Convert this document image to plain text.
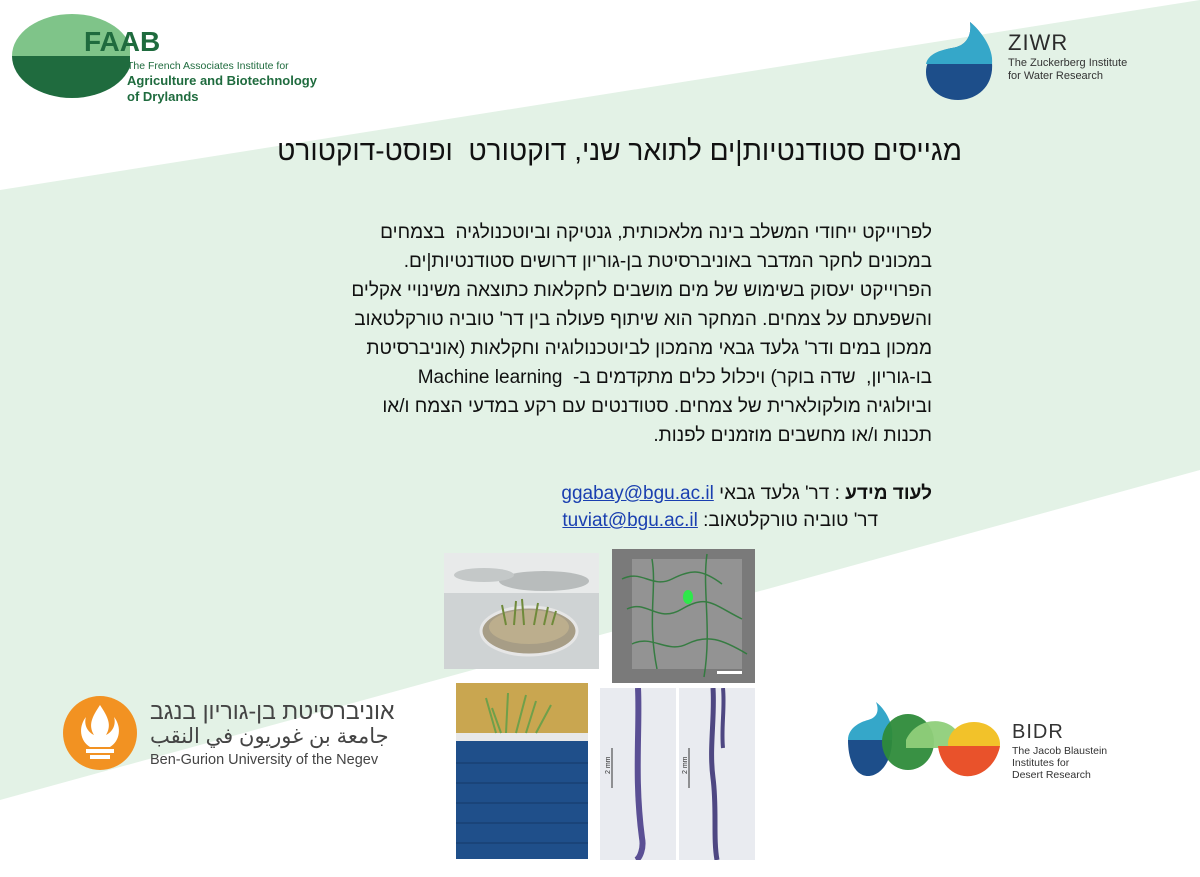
FAAB
The French Associates Institute for
Agriculture and Biotechnology
of Drylands
ZIWR
The Zuckerberg Institute
for Water Research
מגייסים סטודנטיות|ים לתואר שני, דוקטורט  ופוסט-דוקטורט
לפרוייקט ייחודי המשלב בינה מלאכותית, גנטיקה וביוטכנולגיה  בצמחים
במכונים לחקר המדבר באוניברסיטת בן-גוריון דרושים סטודנטיות|ים.
הפרוייקט יעסוק בשימוש של מים מושבים לחקלאות כתוצאה משינויי אקלים
והשפעתם על צמחים. המחקר הוא שיתוף פעולה בין דר' טוביה טורקלטאוב
ממכון במים ודר' גלעד גבאי מהמכון לביוטכנולוגיה וחקלאות (אוניברסיטת
בו-גוריון,  שדה בוקר) ויכלול כלים מתקדמים ב-  Machine learning
וביולוגיה מולקולארית של צמחים. סטודנטים עם רקע במדעי הצמח ו/או
תכנות ו/או מחשבים מוזמנים לפנות.
לעוד מידע : דר' גלעד גבאי ggabay@bgu.ac.il
דר' טוביה טורקלטאוב: tuviat@bgu.ac.il
2 mm	2 mm
אוניברסיטת בן-גוריון בנגב
جامعة بن غوريون في النقب
Ben-Gurion University of the Negev
BIDR
The Jacob Blaustein
Institutes for
Desert Research
